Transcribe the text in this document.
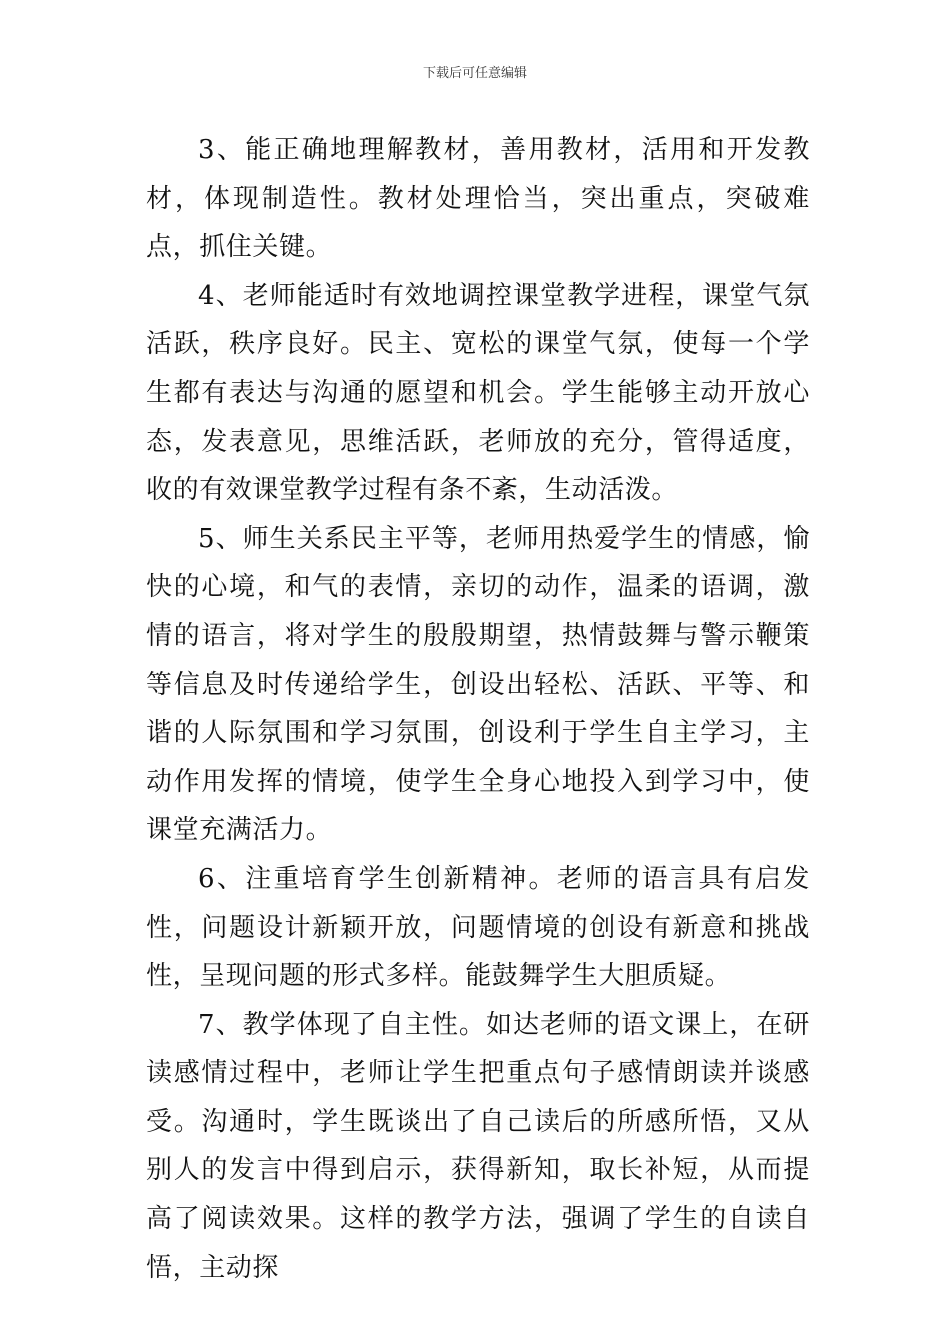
下载后可任意编辑

3、能正确地理解教材，善用教材，活用和开发教材，体现制造性。教材处理恰当，突出重点，突破难点，抓住关键。

4、老师能适时有效地调控课堂教学进程，课堂气氛活跃，秩序良好。民主、宽松的课堂气氛，使每一个学生都有表达与沟通的愿望和机会。学生能够主动开放心态，发表意见，思维活跃，老师放的充分，管得适度，收的有效课堂教学过程有条不紊，生动活泼。

5、师生关系民主平等，老师用热爱学生的情感，愉快的心境，和气的表情，亲切的动作，温柔的语调，激情的语言，将对学生的殷殷期望，热情鼓舞与警示鞭策等信息及时传递给学生，创设出轻松、活跃、平等、和谐的人际氛围和学习氛围，创设利于学生自主学习，主动作用发挥的情境，使学生全身心地投入到学习中，使课堂充满活力。

6、注重培育学生创新精神。老师的语言具有启发性，问题设计新颖开放，问题情境的创设有新意和挑战性，呈现问题的形式多样。能鼓舞学生大胆质疑。

7、教学体现了自主性。如达老师的语文课上，在研读感情过程中，老师让学生把重点句子感情朗读并谈感受。沟通时，学生既谈出了自己读后的所感所悟，又从别人的发言中得到启示，获得新知，取长补短，从而提高了阅读效果。这样的教学方法，强调了学生的自读自悟，主动探
